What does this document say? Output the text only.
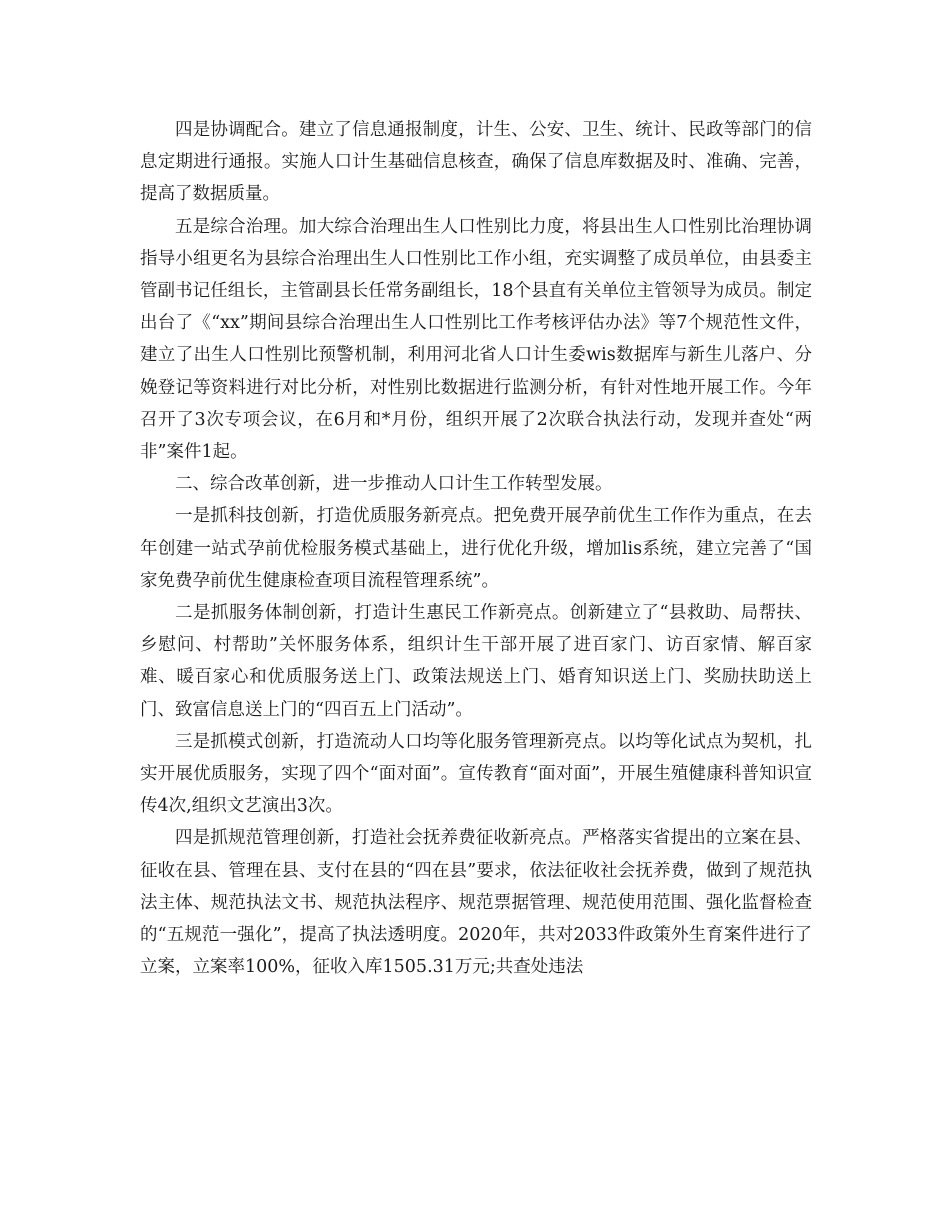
四是协调配合。建立了信息通报制度，计生、公安、卫生、统计、民政等部门的信息定期进行通报。实施人口计生基础信息核查，确保了信息库数据及时、准确、完善，提高了数据质量。

五是综合治理。加大综合治理出生人口性别比力度，将县出生人口性别比治理协调指导小组更名为县综合治理出生人口性别比工作小组，充实调整了成员单位，由县委主管副书记任组长，主管副县长任常务副组长，18个县直有关单位主管领导为成员。制定出台了《“xx”期间县综合治理出生人口性别比工作考核评估办法》等7个规范性文件，建立了出生人口性别比预警机制，利用河北省人口计生委wis数据库与新生儿落户、分娩登记等资料进行对比分析，对性别比数据进行监测分析，有针对性地开展工作。今年召开了3次专项会议，在6月和*月份，组织开展了2次联合执法行动，发现并查处“两非”案件1起。

二、综合改革创新，进一步推动人口计生工作转型发展。

一是抓科技创新，打造优质服务新亮点。把免费开展孕前优生工作作为重点，在去年创建一站式孕前优检服务模式基础上，进行优化升级，增加lis系统，建立完善了“国家免费孕前优生健康检查项目流程管理系统”。

二是抓服务体制创新，打造计生惠民工作新亮点。创新建立了“县救助、局帮扶、乡慰问、村帮助”关怀服务体系，组织计生干部开展了进百家门、访百家情、解百家难、暖百家心和优质服务送上门、政策法规送上门、婚育知识送上门、奖励扶助送上门、致富信息送上门的“四百五上门活动”。

三是抓模式创新，打造流动人口均等化服务管理新亮点。以均等化试点为契机，扎实开展优质服务，实现了四个“面对面”。宣传教育“面对面”，开展生殖健康科普知识宣传4次,组织文艺演出3次。

四是抓规范管理创新，打造社会抚养费征收新亮点。严格落实省提出的立案在县、征收在县、管理在县、支付在县的“四在县”要求，依法征收社会抚养费，做到了规范执法主体、规范执法文书、规范执法程序、规范票据管理、规范使用范围、强化监督检查的“五规范一强化”，提高了执法透明度。2020年，共对2033件政策外生育案件进行了立案，立案率100%，征收入库1505.31万元;共查处违法
